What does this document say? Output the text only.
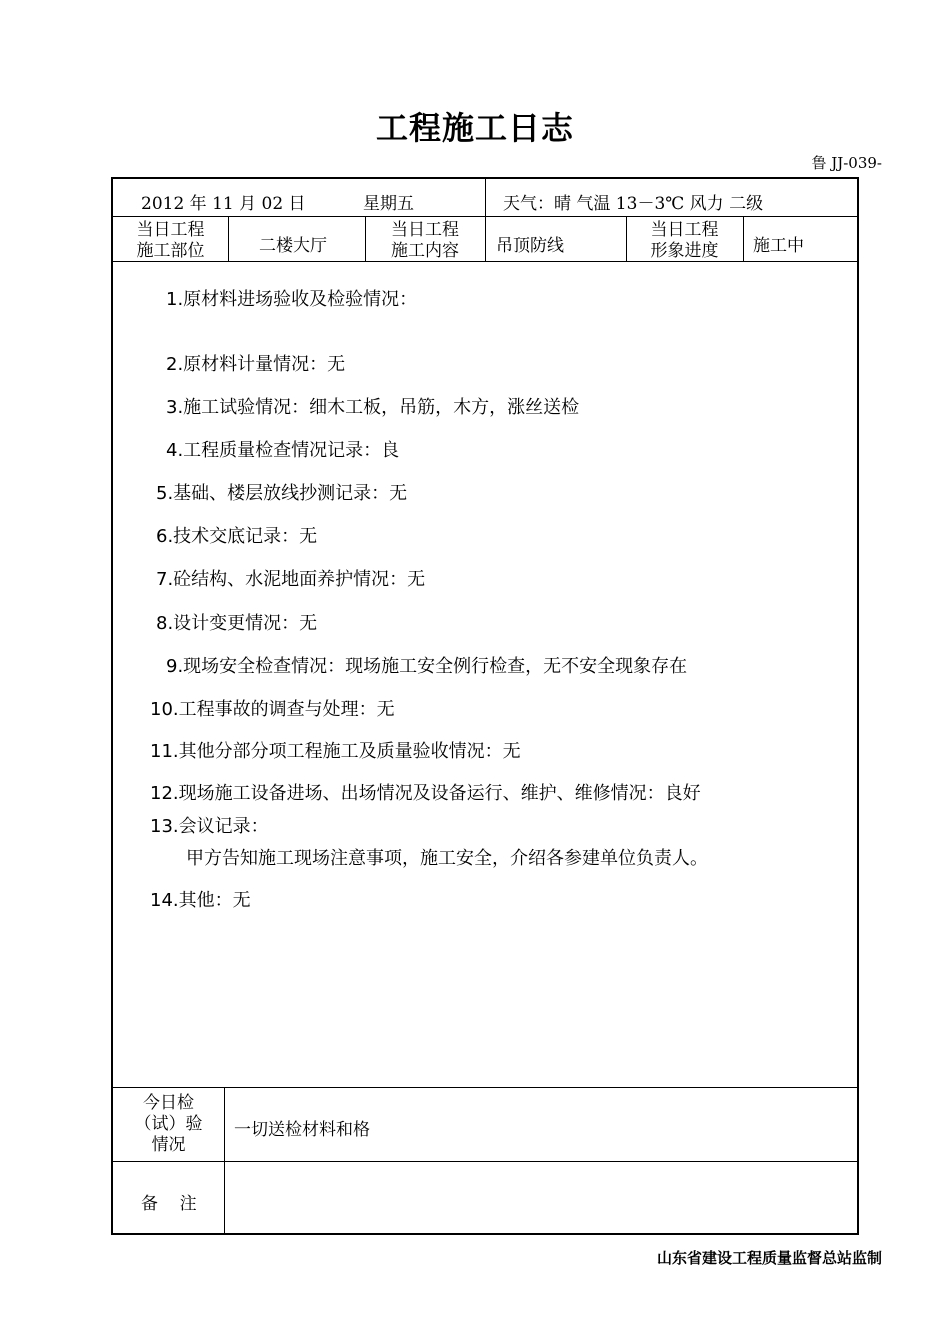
工程施工日志
鲁 JJ-039-
2012 年 11 月 02 日	星期五	天气：晴 气温 13－3℃ 风力 二级
当日工程
施工部位	二楼大厅
当日工程
施工内容	吊顶防线
当日工程
形象进度	施工中
1.原材料进场验收及检验情况：
2.原材料计量情况：无
3.施工试验情况：细木工板，吊筋，木方，涨丝送检
4.工程质量检查情况记录：良
5.基础、楼层放线抄测记录：无
6.技术交底记录：无
7.砼结构、水泥地面养护情况：无
8.设计变更情况：无
9.现场安全检查情况：现场施工安全例行检查，无不安全现象存在
10.工程事故的调查与处理：无
11.其他分部分项工程施工及质量验收情况：无
12.现场施工设备进场、出场情况及设备运行、维护、维修情况：良好
13.会议记录：
甲方告知施工现场注意事项，施工安全，介绍各参建单位负责人。
14.其他：无
今日检
（试）验
情况
一切送检材料和格
备    注
山东省建设工程质量监督总站监制
